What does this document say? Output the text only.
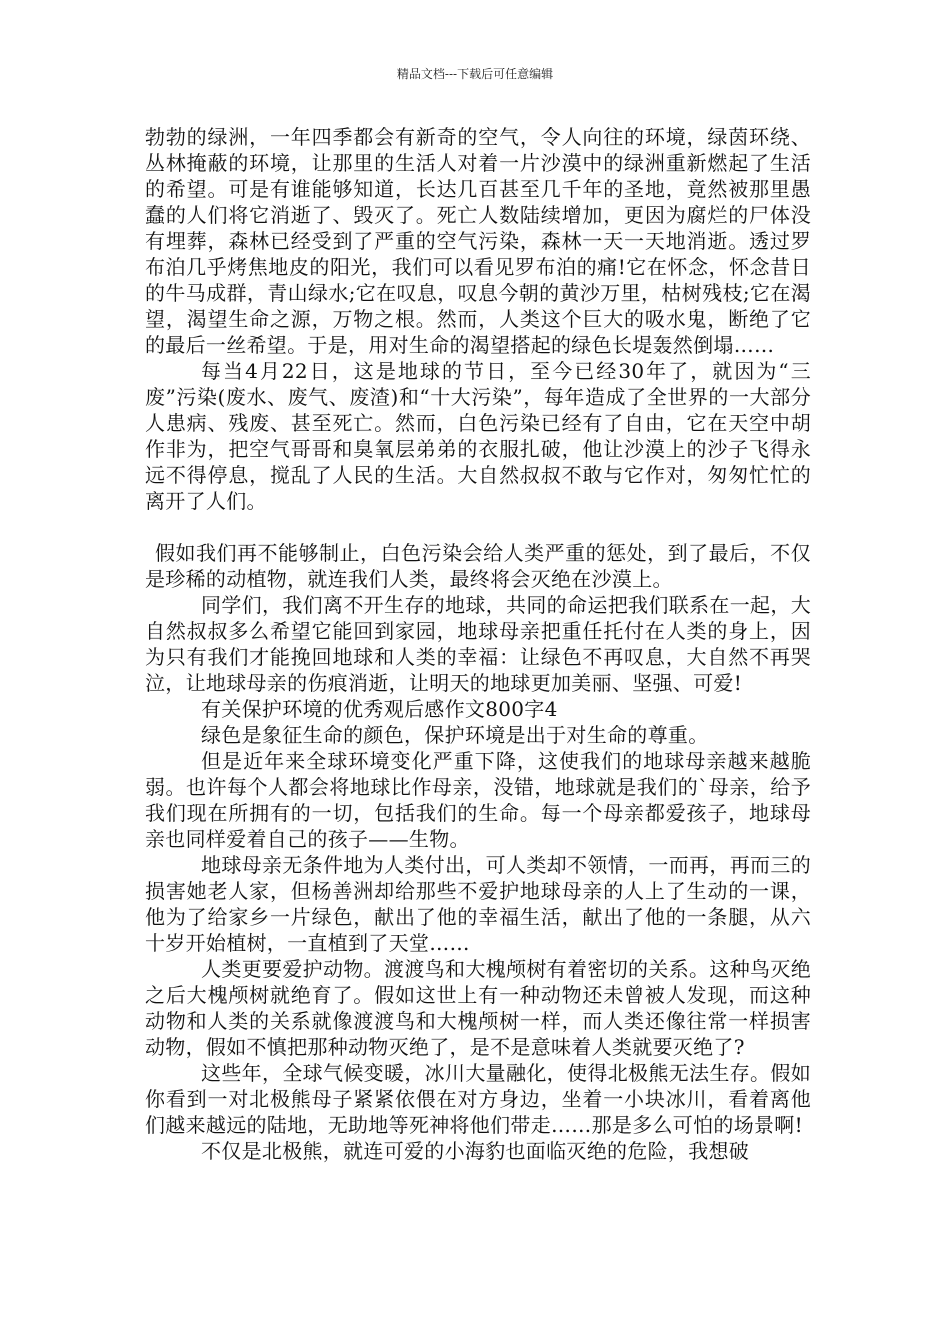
精品文档---下载后可任意编辑

勃勃的绿洲，一年四季都会有新奇的空气，令人向往的环境，绿茵环绕、丛林掩蔽的环境，让那里的生活人对着一片沙漠中的绿洲重新燃起了生活的希望。可是有谁能够知道，长达几百甚至几千年的圣地，竟然被那里愚蠢的人们将它消逝了、毁灭了。死亡人数陆续增加，更因为腐烂的尸体没有埋葬，森林已经受到了严重的空气污染，森林一天一天地消逝。透过罗布泊几乎烤焦地皮的阳光，我们可以看见罗布泊的痛!它在怀念，怀念昔日的牛马成群，青山绿水;它在叹息，叹息今朝的黄沙万里，枯树残枝;它在渴望，渴望生命之源，万物之根。然而，人类这个巨大的吸水鬼，断绝了它的最后一丝希望。于是，用对生命的渴望搭起的绿色长堤轰然倒塌……

每当4月22日，这是地球的节日，至今已经30年了，就因为“三废”污染(废水、废气、废渣)和“十大污染”，每年造成了全世界的一大部分人患病、残废、甚至死亡。然而，白色污染已经有了自由，它在天空中胡作非为，把空气哥哥和臭氧层弟弟的衣服扎破，他让沙漠上的沙子飞得永远不得停息，搅乱了人民的生活。大自然叔叔不敢与它作对，匆匆忙忙的离开了人们。

假如我们再不能够制止，白色污染会给人类严重的惩处，到了最后，不仅是珍稀的动植物，就连我们人类，最终将会灭绝在沙漠上。

同学们，我们离不开生存的地球，共同的命运把我们联系在一起，大自然叔叔多么希望它能回到家园，地球母亲把重任托付在人类的身上，因为只有我们才能挽回地球和人类的幸福：让绿色不再叹息，大自然不再哭泣，让地球母亲的伤痕消逝，让明天的地球更加美丽、坚强、可爱!

有关保护环境的优秀观后感作文800字4

绿色是象征生命的颜色，保护环境是出于对生命的尊重。

但是近年来全球环境变化严重下降，这使我们的地球母亲越来越脆弱。也许每个人都会将地球比作母亲，没错，地球就是我们的`母亲，给予我们现在所拥有的一切，包括我们的生命。每一个母亲都爱孩子，地球母亲也同样爱着自己的孩子——生物。

地球母亲无条件地为人类付出，可人类却不领情，一而再，再而三的损害她老人家，但杨善洲却给那些不爱护地球母亲的人上了生动的一课，他为了给家乡一片绿色，献出了他的幸福生活，献出了他的一条腿，从六十岁开始植树，一直植到了天堂……

人类更要爱护动物。渡渡鸟和大槐颅树有着密切的关系。这种鸟灭绝之后大槐颅树就绝育了。假如这世上有一种动物还未曾被人发现，而这种动物和人类的关系就像渡渡鸟和大槐颅树一样，而人类还像往常一样损害动物，假如不慎把那种动物灭绝了，是不是意味着人类就要灭绝了?

这些年，全球气候变暖，冰川大量融化，使得北极熊无法生存。假如你看到一对北极熊母子紧紧依偎在对方身边，坐着一小块冰川，看着离他们越来越远的陆地，无助地等死神将他们带走……那是多么可怕的场景啊!

不仅是北极熊，就连可爱的小海豹也面临灭绝的危险，我想破
